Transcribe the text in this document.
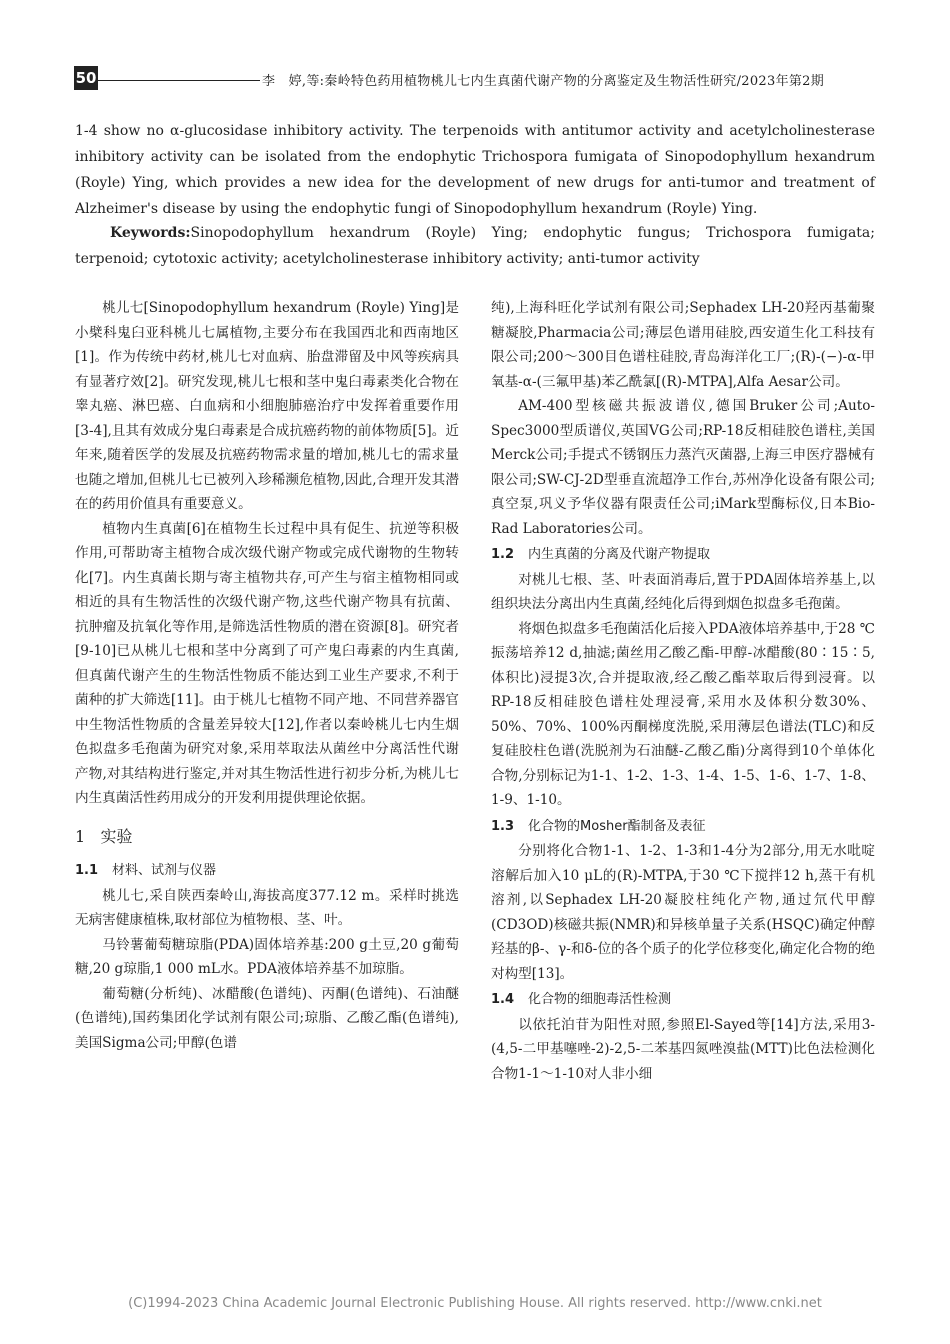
50	李　婷,等:秦岭特色药用植物桃儿七内生真菌代谢产物的分离鉴定及生物活性研究/2023年第2期
1-4 show no α-glucosidase inhibitory activity. The terpenoids with antitumor activity and acetylcholinesterase inhibitory activity can be isolated from the endophytic Trichospora fumigata of Sinopodophyllum hexandrum (Royle) Ying, which provides a new idea for the development of new drugs for anti-tumor and treatment of Alzheimer's disease by using the endophytic fungi of Sinopodophyllum hexandrum (Royle) Ying.
Keywords:Sinopodophyllum hexandrum (Royle) Ying; endophytic fungus; Trichospora fumigata; terpenoid; cytotoxic activity; acetylcholinesterase inhibitory activity; anti-tumor activity

桃儿七[Sinopodophyllum hexandrum (Royle) Ying]是小檗科鬼臼亚科桃儿七属植物,主要分布在我国西北和西南地区[1]。作为传统中药材,桃儿七对血病、胎盘滞留及中风等疾病具有显著疗效[2]。研究发现,桃儿七根和茎中鬼臼毒素类化合物在睾丸癌、淋巴癌、白血病和小细胞肺癌治疗中发挥着重要作用[3-4],且其有效成分鬼臼毒素是合成抗癌药物的前体物质[5]。近年来,随着医学的发展及抗癌药物需求量的增加,桃儿七的需求量也随之增加,但桃儿七已被列入珍稀濒危植物,因此,合理开发其潜在的药用价值具有重要意义。

植物内生真菌[6]在植物生长过程中具有促生、抗逆等积极作用,可帮助寄主植物合成次级代谢产物或完成代谢物的生物转化[7]。内生真菌长期与寄主植物共存,可产生与宿主植物相同或相近的具有生物活性的次级代谢产物,这些代谢产物具有抗菌、抗肿瘤及抗氧化等作用,是筛选活性物质的潜在资源[8]。研究者[9-10]已从桃儿七根和茎中分离到了可产鬼臼毒素的内生真菌,但真菌代谢产生的生物活性物质不能达到工业生产要求,不利于菌种的扩大筛选[11]。由于桃儿七植物不同产地、不同营养器官中生物活性物质的含量差异较大[12],作者以秦岭桃儿七内生烟色拟盘多毛孢菌为研究对象,采用萃取法从菌丝中分离活性代谢产物,对其结构进行鉴定,并对其生物活性进行初步分析,为桃儿七内生真菌活性药用成分的开发利用提供理论依据。

1 实验

1.1 材料、试剂与仪器

桃儿七,采自陕西秦岭山,海拔高度377.12 m。采样时挑选无病害健康植株,取材部位为植物根、茎、叶。

马铃薯葡萄糖琼脂(PDA)固体培养基:200 g土豆,20 g葡萄糖,20 g琼脂,1 000 mL水。PDA液体培养基不加琼脂。

葡萄糖(分析纯)、冰醋酸(色谱纯)、丙酮(色谱纯)、石油醚(色谱纯),国药集团化学试剂有限公司;琼脂、乙酸乙酯(色谱纯),美国Sigma公司;甲醇(色谱

纯),上海科旺化学试剂有限公司;Sephadex LH-20羟丙基葡聚糖凝胶,Pharmacia公司;薄层色谱用硅胶,西安道生化工科技有限公司;200～300目色谱柱硅胶,青岛海洋化工厂;(R)-(−)-α-甲氧基-α-(三氟甲基)苯乙酰氯[(R)-MTPA],Alfa Aesar公司。

AM-400型核磁共振波谱仪,德国Bruker公司;Auto-Spec3000型质谱仪,英国VG公司;RP-18反相硅胶色谱柱,美国Merck公司;手提式不锈钢压力蒸汽灭菌器,上海三申医疗器械有限公司;SW-CJ-2D型垂直流超净工作台,苏州净化设备有限公司;真空泵,巩义予华仪器有限责任公司;iMark型酶标仪,日本Bio-Rad Laboratories公司。

1.2 内生真菌的分离及代谢产物提取

对桃儿七根、茎、叶表面消毒后,置于PDA固体培养基上,以组织块法分离出内生真菌,经纯化后得到烟色拟盘多毛孢菌。

将烟色拟盘多毛孢菌活化后接入PDA液体培养基中,于28 ℃振荡培养12 d,抽滤;菌丝用乙酸乙酯-甲醇-冰醋酸(80∶15∶5,体积比)浸提3次,合并提取液,经乙酸乙酯萃取后得到浸膏。以RP-18反相硅胶色谱柱处理浸膏,采用水及体积分数30%、50%、70%、100%丙酮梯度洗脱,采用薄层色谱法(TLC)和反复硅胶柱色谱(洗脱剂为石油醚-乙酸乙酯)分离得到10个单体化合物,分别标记为1-1、1-2、1-3、1-4、1-5、1-6、1-7、1-8、1-9、1-10。

1.3 化合物的Mosher酯制备及表征

分别将化合物1-1、1-2、1-3和1-4分为2部分,用无水吡啶溶解后加入10 μL的(R)-MTPA,于30 ℃下搅拌12 h,蒸干有机溶剂,以Sephadex LH-20凝胶柱纯化产物,通过氘代甲醇(CD3OD)核磁共振(NMR)和异核单量子关系(HSQC)确定仲醇羟基的β-、γ-和δ-位的各个质子的化学位移变化,确定化合物的绝对构型[13]。

1.4 化合物的细胞毒活性检测

以依托泊苷为阳性对照,参照El-Sayed等[14]方法,采用3-(4,5-二甲基噻唑-2)-2,5-二苯基四氮唑溴盐(MTT)比色法检测化合物1-1～1-10对人非小细

(C)1994-2023 China Academic Journal Electronic Publishing House. All rights reserved. http://www.cnki.net
